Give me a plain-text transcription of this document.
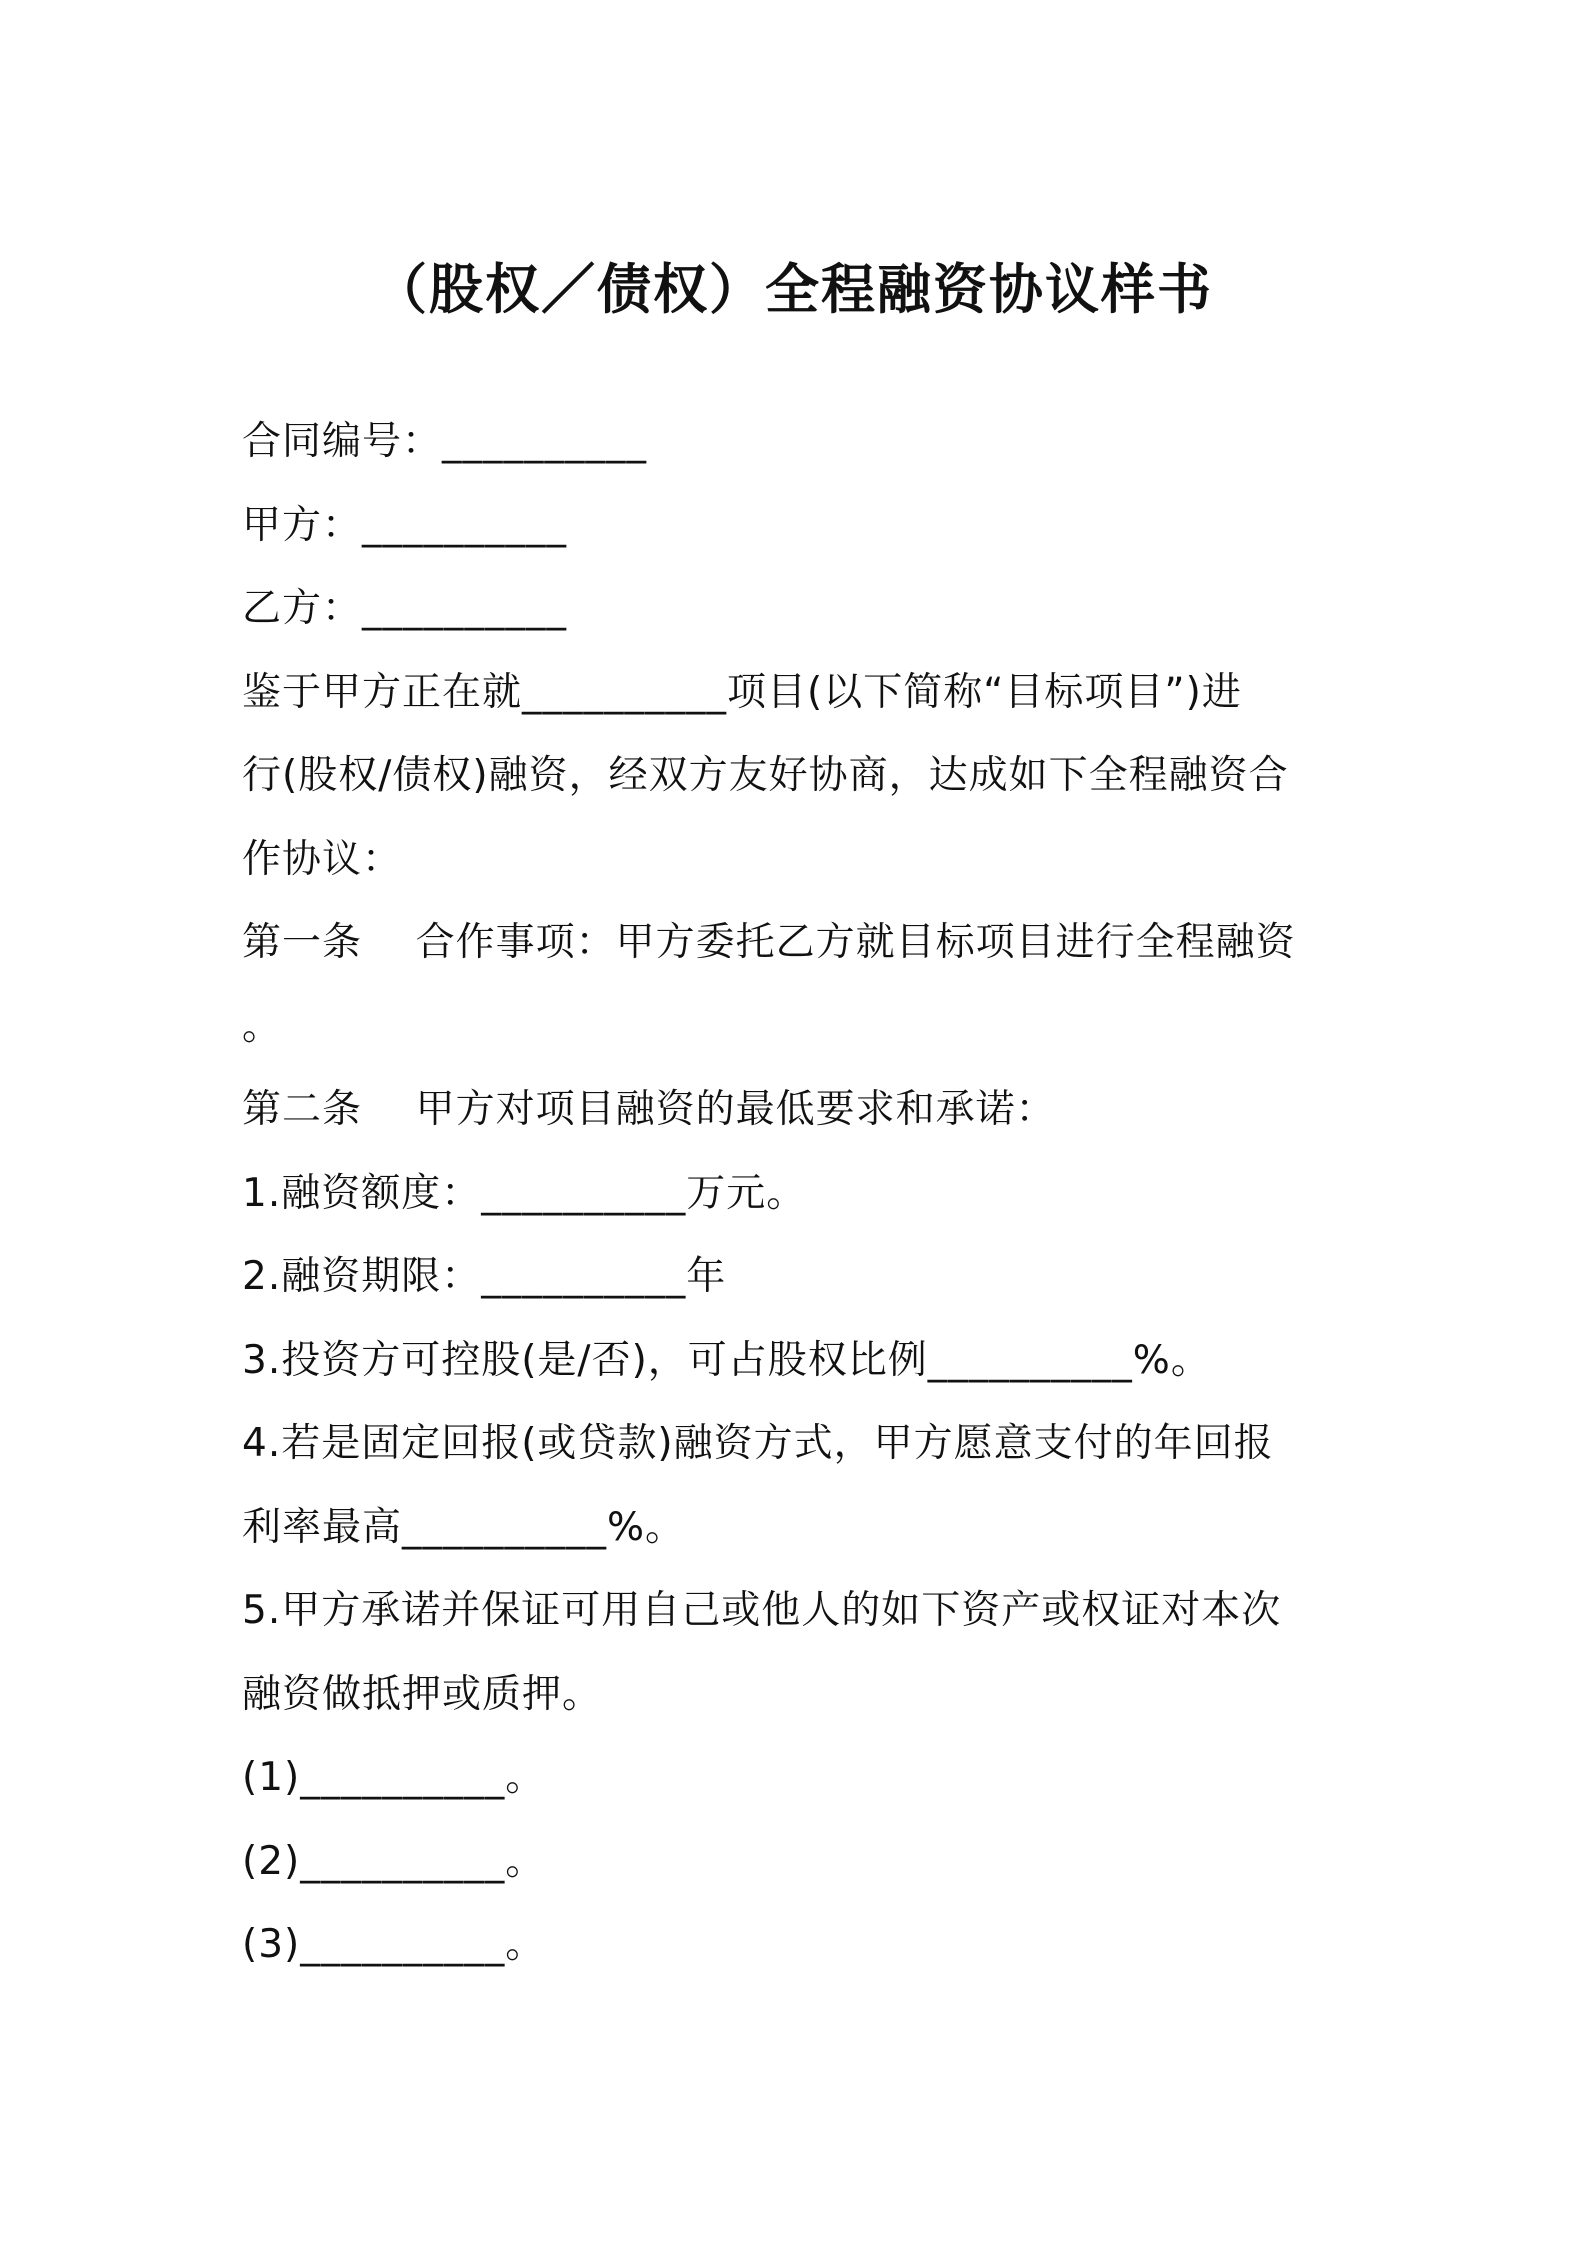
（股权／债权）全程融资协议样书

合同编号：__________

甲方：__________

乙方：__________

鉴于甲方正在就__________项目(以下简称“目标项目”)进

行(股权/债权)融资，经双方友好协商，达成如下全程融资合

作协议：

第一条    合作事项：甲方委托乙方就目标项目进行全程融资

。

第二条    甲方对项目融资的最低要求和承诺：

1.融资额度：__________万元。

2.融资期限：__________年

3.投资方可控股(是/否)，可占股权比例__________%。

4.若是固定回报(或贷款)融资方式，甲方愿意支付的年回报

利率最高__________%。

5.甲方承诺并保证可用自己或他人的如下资产或权证对本次

融资做抵押或质押。

(1)__________。

(2)__________。

(3)__________。
